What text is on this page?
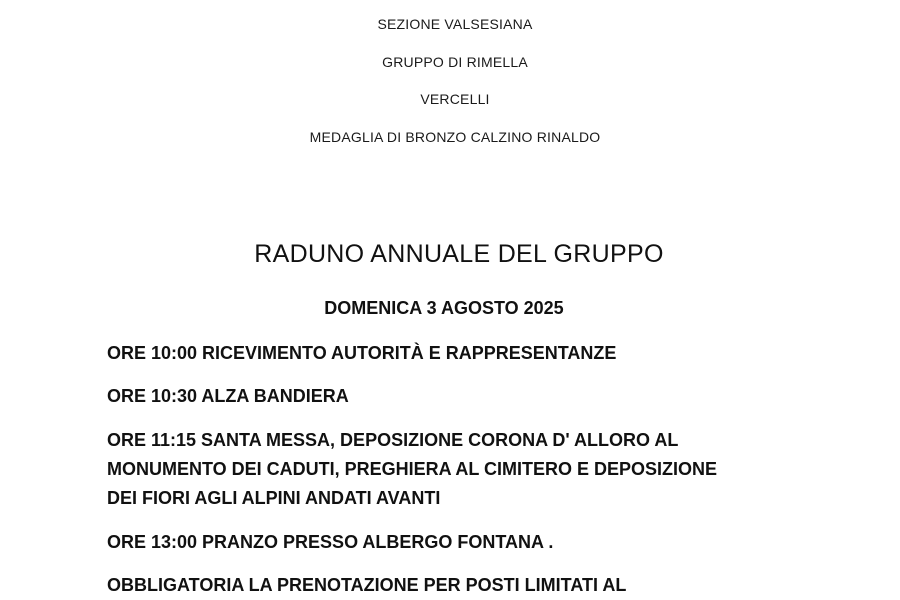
SEZIONE VALSESIANA
GRUPPO DI RIMELLA
VERCELLI
MEDAGLIA DI BRONZO CALZINO RINALDO
RADUNO ANNUALE DEL GRUPPO
DOMENICA 3 AGOSTO 2025
ORE 10:00 RICEVIMENTO AUTORITÀ E RAPPRESENTANZE
ORE 10:30 ALZA BANDIERA
ORE 11:15 SANTA MESSA, DEPOSIZIONE CORONA D' ALLORO AL
MONUMENTO DEI CADUTI, PREGHIERA AL CIMITERO E DEPOSIZIONE
DEI FIORI AGLI ALPINI ANDATI AVANTI
ORE 13:00 PRANZO PRESSO ALBERGO FONTANA .
OBBLIGATORIA LA PRENOTAZIONE PER POSTI LIMITATI AL
